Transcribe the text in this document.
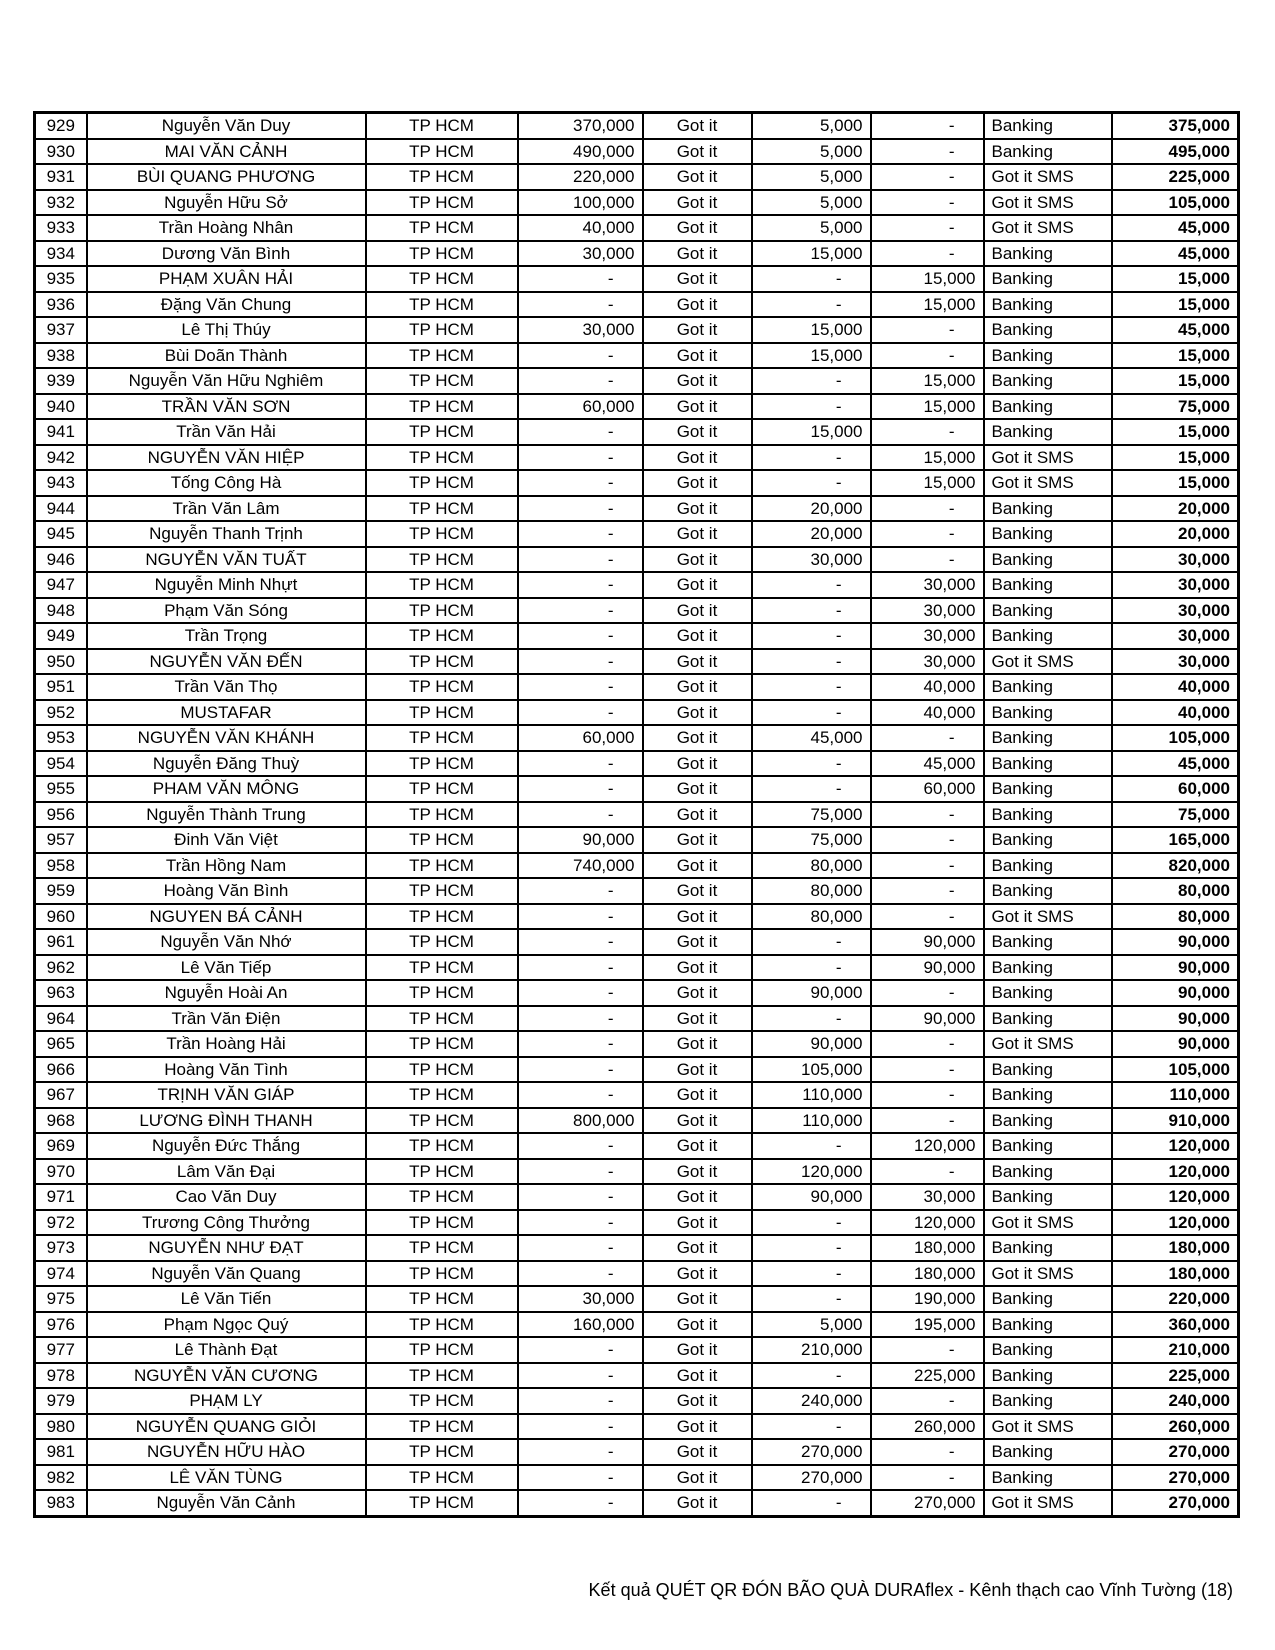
929	Nguyễn Văn Duy	TP HCM	370,000	Got it	5,000	-	Banking	375,000
930	MAI VĂN CẢNH	TP HCM	490,000	Got it	5,000	-	Banking	495,000
931	BÙI QUANG PHƯƠNG	TP HCM	220,000	Got it	5,000	-	Got it SMS	225,000
932	Nguyễn Hữu Sở	TP HCM	100,000	Got it	5,000	-	Got it SMS	105,000
933	Trần Hoàng Nhân	TP HCM	40,000	Got it	5,000	-	Got it SMS	45,000
934	Dương Văn Bình	TP HCM	30,000	Got it	15,000	-	Banking	45,000
935	PHẠM XUÂN HẢI	TP HCM	-	Got it	-	15,000	Banking	15,000
936	Đặng Văn Chung	TP HCM	-	Got it	-	15,000	Banking	15,000
937	Lê Thị Thúy	TP HCM	30,000	Got it	15,000	-	Banking	45,000
938	Bùi Doãn Thành	TP HCM	-	Got it	15,000	-	Banking	15,000
939	Nguyễn Văn Hữu Nghiêm	TP HCM	-	Got it	-	15,000	Banking	15,000
940	TRẦN VĂN SƠN	TP HCM	60,000	Got it	-	15,000	Banking	75,000
941	Trần Văn Hải	TP HCM	-	Got it	15,000	-	Banking	15,000
942	NGUYỄN VĂN HIỆP	TP HCM	-	Got it	-	15,000	Got it SMS	15,000
943	Tống Công Hà	TP HCM	-	Got it	-	15,000	Got it SMS	15,000
944	Trần Văn Lâm	TP HCM	-	Got it	20,000	-	Banking	20,000
945	Nguyễn Thanh Trịnh	TP HCM	-	Got it	20,000	-	Banking	20,000
946	NGUYỄN VĂN TUẤT	TP HCM	-	Got it	30,000	-	Banking	30,000
947	Nguyễn Minh Nhựt	TP HCM	-	Got it	-	30,000	Banking	30,000
948	Phạm Văn Sóng	TP HCM	-	Got it	-	30,000	Banking	30,000
949	Trần Trọng	TP HCM	-	Got it	-	30,000	Banking	30,000
950	NGUYỄN VĂN ĐẾN	TP HCM	-	Got it	-	30,000	Got it SMS	30,000
951	Trần Văn Thọ	TP HCM	-	Got it	-	40,000	Banking	40,000
952	MUSTAFAR	TP HCM	-	Got it	-	40,000	Banking	40,000
953	NGUYỄN VĂN KHÁNH	TP HCM	60,000	Got it	45,000	-	Banking	105,000
954	Nguyễn Đăng Thuỳ	TP HCM	-	Got it	-	45,000	Banking	45,000
955	PHAM VĂN MÔNG	TP HCM	-	Got it	-	60,000	Banking	60,000
956	Nguyễn Thành Trung	TP HCM	-	Got it	75,000	-	Banking	75,000
957	Đinh Văn Việt	TP HCM	90,000	Got it	75,000	-	Banking	165,000
958	Trần Hồng Nam	TP HCM	740,000	Got it	80,000	-	Banking	820,000
959	Hoàng Văn Bình	TP HCM	-	Got it	80,000	-	Banking	80,000
960	NGUYEN BÁ CẢNH	TP HCM	-	Got it	80,000	-	Got it SMS	80,000
961	Nguyễn Văn Nhớ	TP HCM	-	Got it	-	90,000	Banking	90,000
962	Lê Văn Tiếp	TP HCM	-	Got it	-	90,000	Banking	90,000
963	Nguyễn Hoài An	TP HCM	-	Got it	90,000	-	Banking	90,000
964	Trần Văn Điện	TP HCM	-	Got it	-	90,000	Banking	90,000
965	Trần Hoàng Hải	TP HCM	-	Got it	90,000	-	Got it SMS	90,000
966	Hoàng Văn Tình	TP HCM	-	Got it	105,000	-	Banking	105,000
967	TRỊNH VĂN GIÁP	TP HCM	-	Got it	110,000	-	Banking	110,000
968	LƯƠNG ĐÌNH THANH	TP HCM	800,000	Got it	110,000	-	Banking	910,000
969	Nguyễn Đức Thắng	TP HCM	-	Got it	-	120,000	Banking	120,000
970	Lâm Văn Đại	TP HCM	-	Got it	120,000	-	Banking	120,000
971	Cao Văn Duy	TP HCM	-	Got it	90,000	30,000	Banking	120,000
972	Trương Công Thưởng	TP HCM	-	Got it	-	120,000	Got it SMS	120,000
973	NGUYỄN NHƯ ĐẠT	TP HCM	-	Got it	-	180,000	Banking	180,000
974	Nguyễn Văn Quang	TP HCM	-	Got it	-	180,000	Got it SMS	180,000
975	Lê Văn Tiến	TP HCM	30,000	Got it	-	190,000	Banking	220,000
976	Phạm Ngọc Quý	TP HCM	160,000	Got it	5,000	195,000	Banking	360,000
977	Lê Thành Đạt	TP HCM	-	Got it	210,000	-	Banking	210,000
978	NGUYỄN VĂN CƯƠNG	TP HCM	-	Got it	-	225,000	Banking	225,000
979	PHẠM LY	TP HCM	-	Got it	240,000	-	Banking	240,000
980	NGUYỄN QUANG GIỎI	TP HCM	-	Got it	-	260,000	Got it SMS	260,000
981	NGUYỄN HỮU HÀO	TP HCM	-	Got it	270,000	-	Banking	270,000
982	LÊ VĂN TÙNG	TP HCM	-	Got it	270,000	-	Banking	270,000
983	Nguyễn Văn Cảnh	TP HCM	-	Got it	-	270,000	Got it SMS	270,000
Kết quả QUÉT QR ĐÓN BÃO QUÀ DURAflex - Kênh thạch cao Vĩnh Tường (18)
